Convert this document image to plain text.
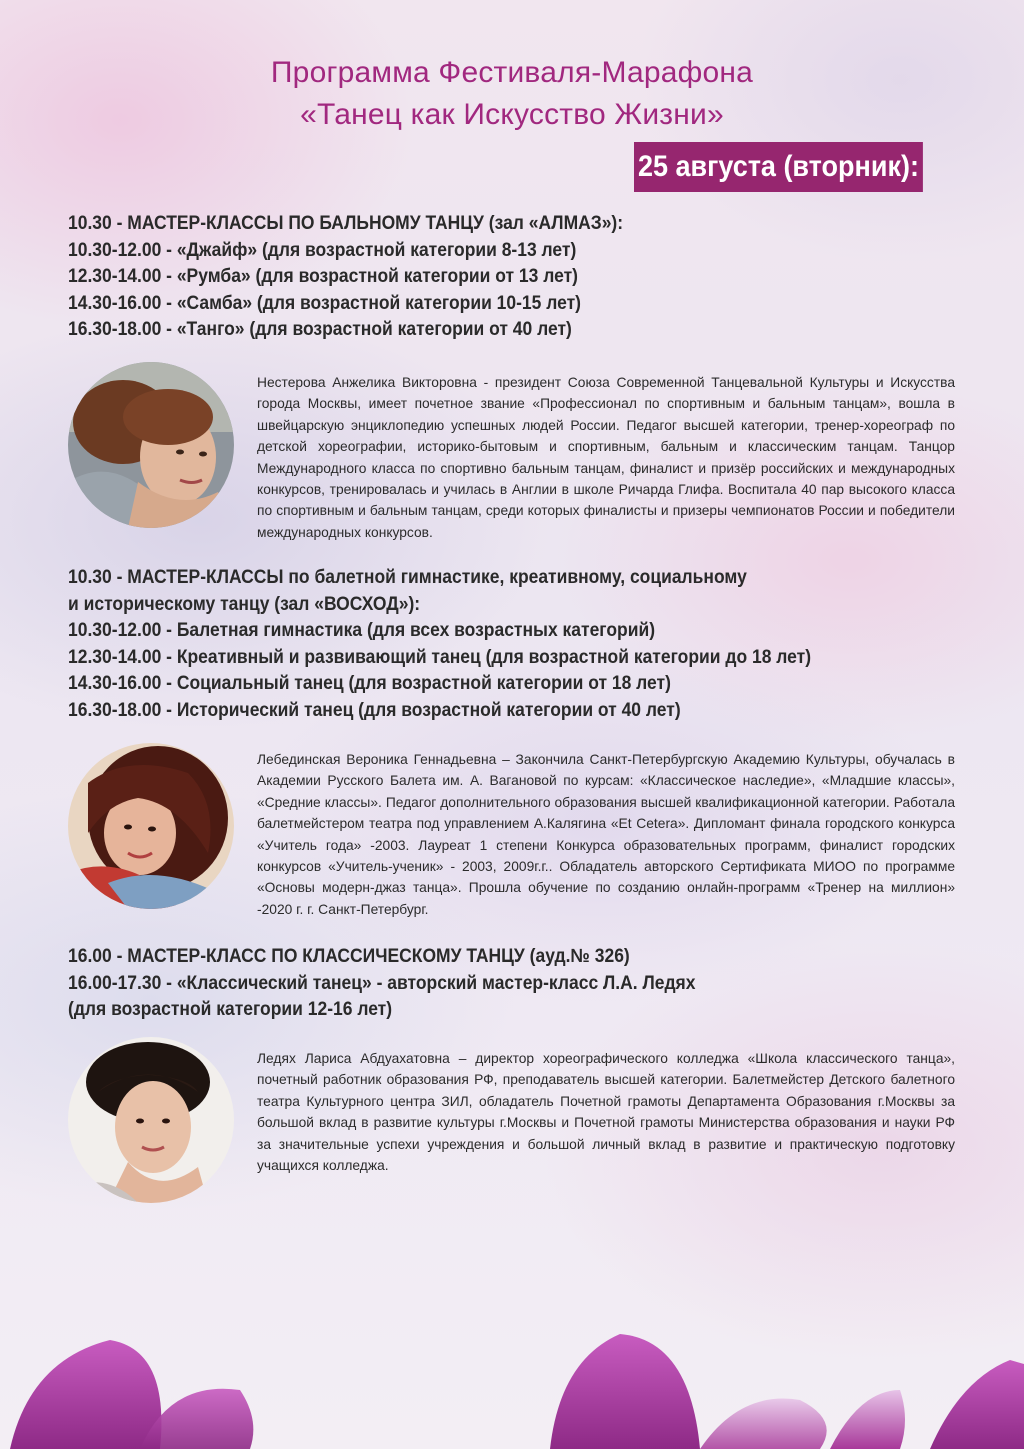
Программа Фестиваля-Марафона
«Танец как Искусство Жизни»
25 августа (вторник):
10.30 - МАСТЕР-КЛАССЫ ПО БАЛЬНОМУ ТАНЦУ (зал «АЛМАЗ»):
10.30-12.00 - «Джайф» (для возрастной категории 8-13 лет)
12.30-14.00 - «Румба» (для возрастной категории от 13 лет)
14.30-16.00 - «Самба» (для возрастной категории 10-15 лет)
16.30-18.00 - «Танго» (для возрастной категории от 40 лет)
Нестерова Анжелика Викторовна - президент Союза Современной Танцевальной Культуры и Искусства города Москвы, имеет почетное звание «Профессионал по спортивным и бальным танцам», вошла в швейцарскую энциклопедию успешных людей России. Педагог высшей категории, тренер-хореограф по детской хореографии, историко-бытовым и спортивным, бальным и классическим танцам. Танцор Международного класса по спортивно бальным танцам, финалист и призёр российских и международных конкурсов, тренировалась и училась в Англии в школе Ричарда Глифа. Воспитала 40 пар высокого класса по спортивным и бальным танцам, среди которых финалисты и призеры чемпионатов России и победители международных конкурсов.
10.30 - МАСТЕР-КЛАССЫ по балетной гимнастике, креативному, социальному
и историческому танцу (зал «ВОСХОД»):
10.30-12.00 - Балетная гимнастика (для всех возрастных категорий)
12.30-14.00 - Креативный и развивающий танец (для возрастной категории до 18 лет)
14.30-16.00 - Социальный танец (для возрастной категории от 18 лет)
16.30-18.00 - Исторический танец (для возрастной категории от 40 лет)
Лебединская Вероника Геннадьевна – Закончила Санкт-Петербургскую Академию Культуры, обучалась в Академии Русского Балета им. А. Вагановой по курсам: «Классическое наследие», «Младшие классы», «Средние классы». Педагог дополнительного образования высшей квалификационной категории. Работала балетмейстером театра под управлением А.Калягина «Et Cetera». Дипломант финала городского конкурса «Учитель года» -2003. Лауреат 1 степени Конкурса образовательных программ, финалист городских конкурсов «Учитель-ученик» - 2003, 2009г.г.. Обладатель авторского Сертификата МИОО по программе «Основы модерн-джаз танца». Прошла обучение по созданию онлайн-программ «Тренер на миллион» -2020 г. г. Санкт-Петербург.
16.00 - МАСТЕР-КЛАСС ПО КЛАССИЧЕСКОМУ ТАНЦУ (ауд.№ 326)
16.00-17.30 - «Классический танец» - авторский мастер-класс Л.А. Ледях
(для возрастной категории 12-16 лет)
Ледях Лариса Абдуахатовна – директор хореографического колледжа «Школа классического танца», почетный работник образования РФ, преподаватель высшей категории. Балетмейстер Детского балетного театра Культурного центра ЗИЛ, обладатель Почетной грамоты Департамента Образования г.Москвы за большой вклад в развитие культуры г.Москвы и Почетной грамоты Министерства образования и науки РФ за значительные успехи учреждения и большой личный вклад в развитие и практическую подготовку учащихся колледжа.
